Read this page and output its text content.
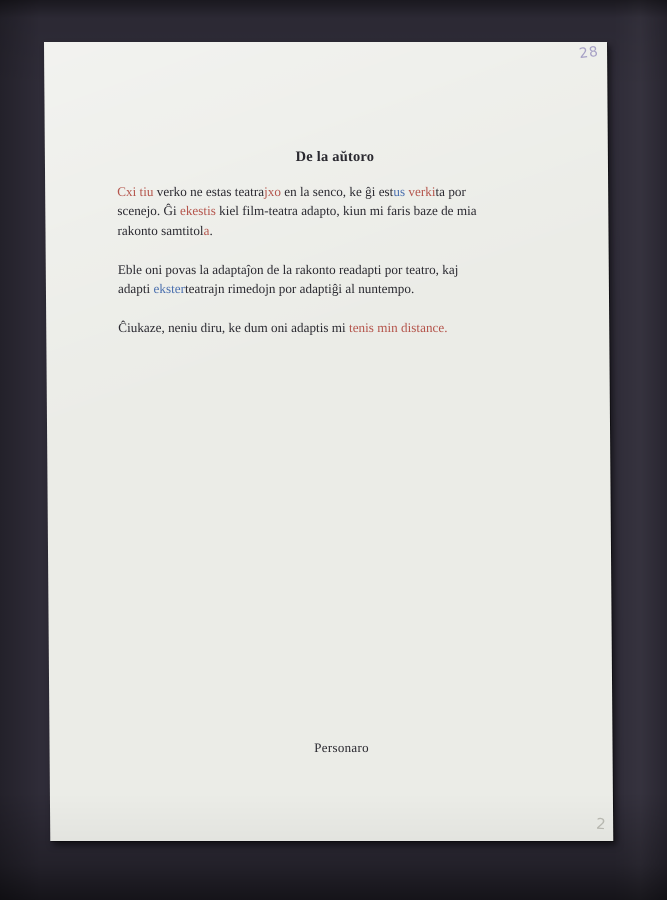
28
De la aŭtoro
Cxi tiu verko ne estas teatrajxo en la senco, ke ĝi estus verkita por
scenejo. Ĝi ekestis kiel film-teatra adapto, kiun mi faris baze de mia
rakonto samtitola.
Eble oni povas la adaptaĵon de la rakonto readapti por teatro, kaj
adapti eksterteatrajn rimedojn por adaptiĝi al nuntempo.
Ĉiukaze, neniu diru, ke dum oni adaptis mi tenis min distance.
Personaro
2
